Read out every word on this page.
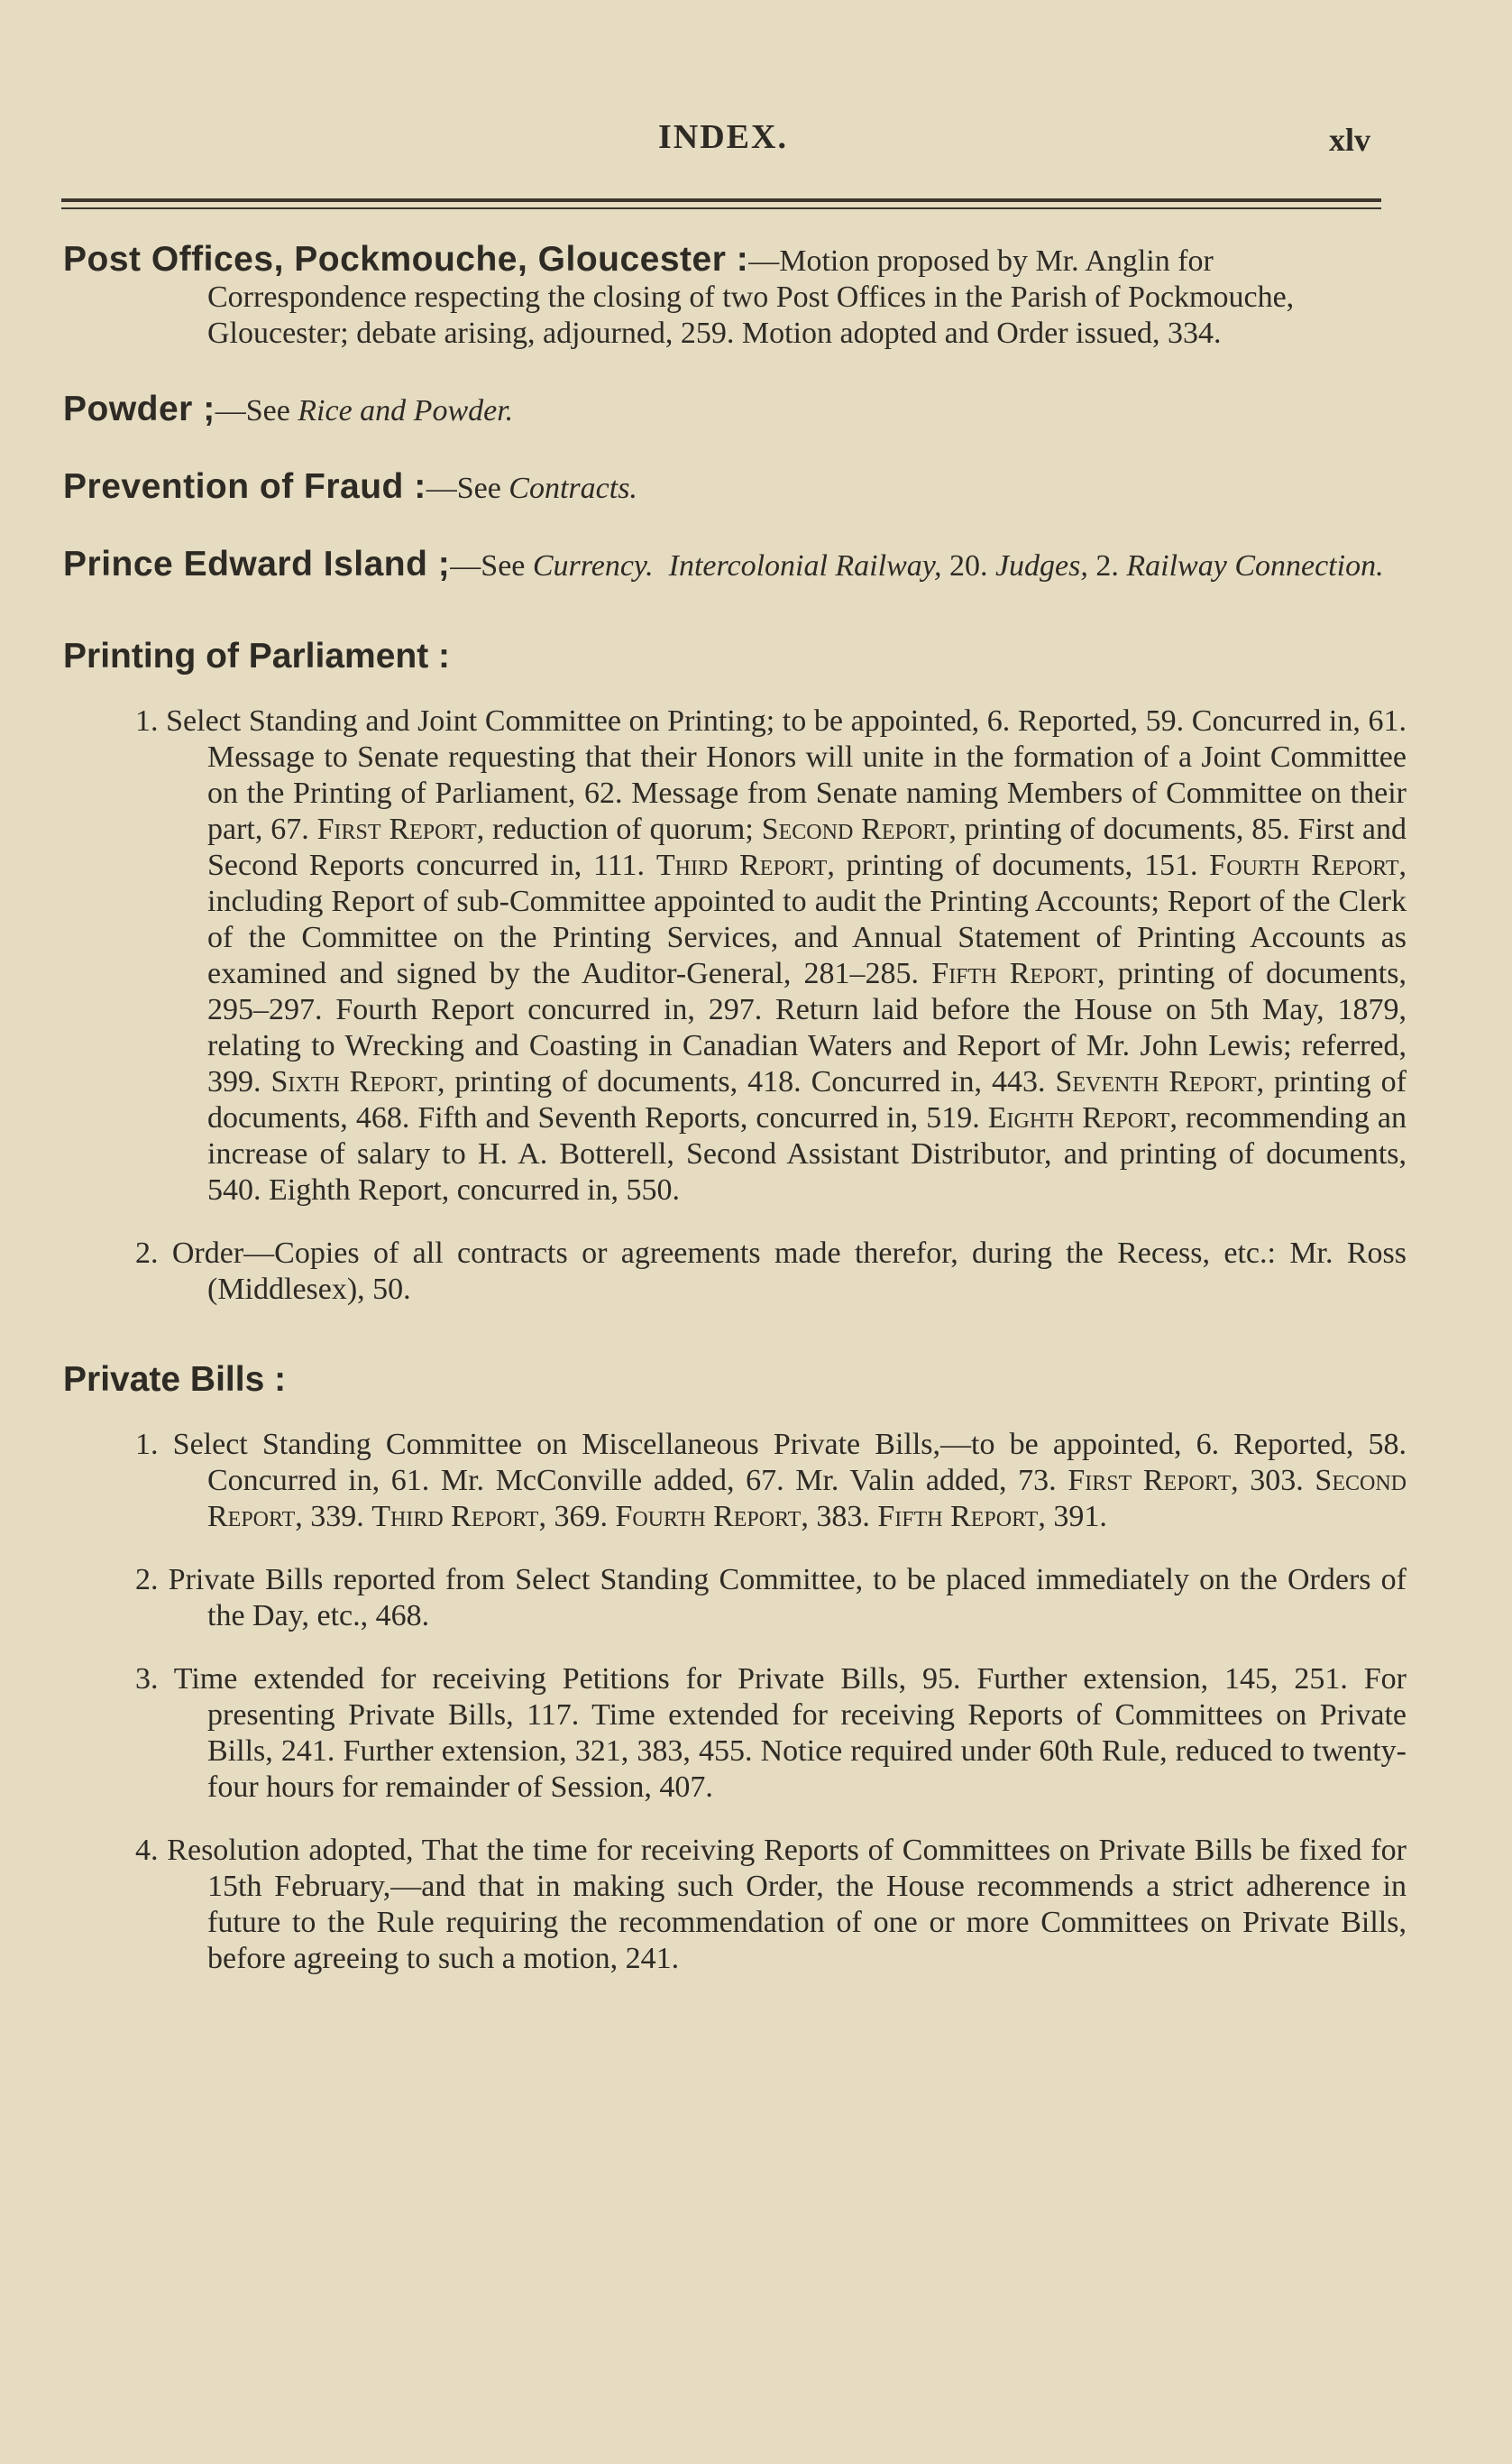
INDEX.	xlv

Post Offices, Pockmouche, Gloucester :—Motion proposed by Mr. Anglin for Correspondence respecting the closing of two Post Offices in the Parish of Pockmouche, Gloucester; debate arising, adjourned, 259. Motion adopted and Order issued, 334.

Powder ;—See Rice and Powder.

Prevention of Fraud :—See Contracts.

Prince Edward Island ;—See Currency. Intercolonial Railway, 20. Judges, 2. Railway Connection.

Printing of Parliament :

1. Select Standing and Joint Committee on Printing; to be appointed, 6. Reported, 59. Concurred in, 61. Message to Senate requesting that their Honors will unite in the formation of a Joint Committee on the Printing of Parliament, 62. Message from Senate naming Members of Committee on their part, 67. First Report, reduction of quorum; Second Report, printing of documents, 85. First and Second Reports concurred in, 111. Third Report, printing of documents, 151. Fourth Report, including Report of sub-Committee appointed to audit the Printing Accounts; Report of the Clerk of the Committee on the Printing Services, and Annual Statement of Printing Accounts as examined and signed by the Auditor-General, 281–285. Fifth Report, printing of documents, 295–297. Fourth Report concurred in, 297. Return laid before the House on 5th May, 1879, relating to Wrecking and Coasting in Canadian Waters and Report of Mr. John Lewis; referred, 399. Sixth Report, printing of documents, 418. Concurred in, 443. Seventh Report, printing of documents, 468. Fifth and Seventh Reports, concurred in, 519. Eighth Report, recommending an increase of salary to H. A. Botterell, Second Assistant Distributor, and printing of documents, 540. Eighth Report, concurred in, 550.

2. Order—Copies of all contracts or agreements made therefor, during the Recess, etc.: Mr. Ross (Middlesex), 50.

Private Bills :

1. Select Standing Committee on Miscellaneous Private Bills,—to be appointed, 6. Reported, 58. Concurred in, 61. Mr. McConville added, 67. Mr. Valin added, 73. First Report, 303. Second Report, 339. Third Report, 369. Fourth Report, 383. Fifth Report, 391.

2. Private Bills reported from Select Standing Committee, to be placed immediately on the Orders of the Day, etc., 468.

3. Time extended for receiving Petitions for Private Bills, 95. Further extension, 145, 251. For presenting Private Bills, 117. Time extended for receiving Reports of Committees on Private Bills, 241. Further extension, 321, 383, 455. Notice required under 60th Rule, reduced to twenty-four hours for remainder of Session, 407.

4. Resolution adopted, That the time for receiving Reports of Committees on Private Bills be fixed for 15th February,—and that in making such Order, the House recommends a strict adherence in future to the Rule requiring the recommendation of one or more Committees on Private Bills, before agreeing to such a motion, 241.
